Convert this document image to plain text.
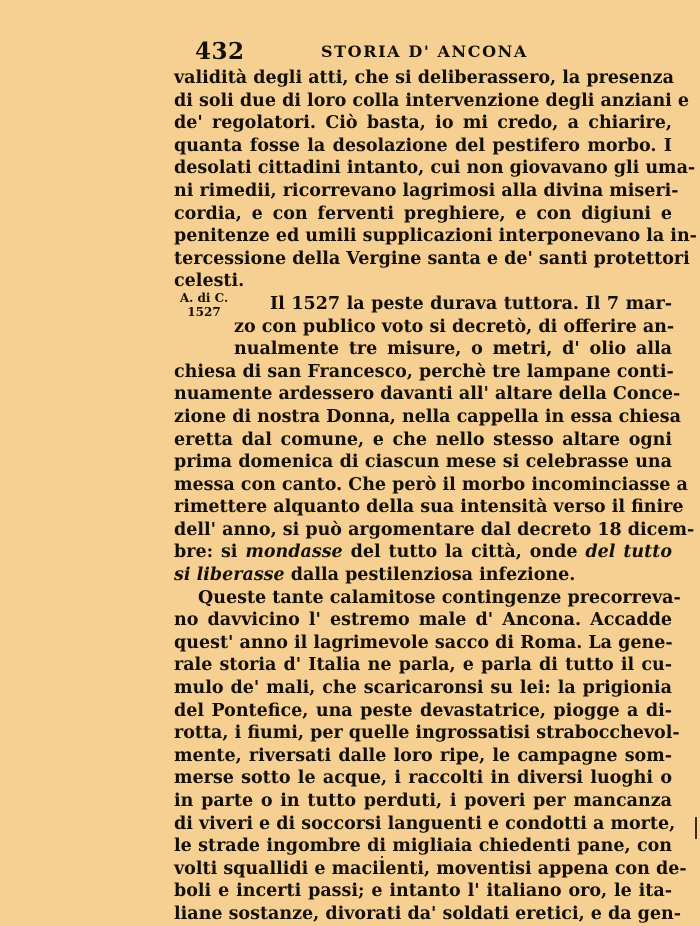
432	STORIA D' ANCONA
A. di C.
1527
validità degli atti, che si deliberassero, la presenza
di soli due di loro colla intervenzione degli anziani e
de' regolatori. Ciò basta, io mi credo, a chiarire,
quanta fosse la desolazione del pestifero morbo. I
desolati cittadini intanto, cui non giovavano gli uma-
ni rimedii, ricorrevano lagrimosi alla divina miseri-
cordia, e con ferventi preghiere, e con digiuni e
penitenze ed umili supplicazioni interponevano la in-
tercessione della Vergine santa e de' santi protettori
celesti.
Il 1527 la peste durava tuttora. Il 7 mar-
zo con publico voto si decretò, di offerire an-
nualmente tre misure, o metri, d' olio alla
chiesa di san Francesco, perchè tre lampane conti-
nuamente ardessero davanti all' altare della Conce-
zione di nostra Donna, nella cappella in essa chiesa
eretta dal comune, e che nello stesso altare ogni
prima domenica di ciascun mese si celebrasse una
messa con canto. Che però il morbo incominciasse a
rimettere alquanto della sua intensità verso il finire
dell' anno, si può argomentare dal decreto 18 dicem-
bre: si mondasse del tutto la città, onde del tutto
si liberasse dalla pestilenziosa infezione.
Queste tante calamitose contingenze precorreva-
no davvicino l' estremo male d' Ancona. Accadde
quest' anno il lagrimevole sacco di Roma. La gene-
rale storia d' Italia ne parla, e parla di tutto il cu-
mulo de' mali, che scaricaronsi su lei: la prigionia
del Pontefice, una peste devastatrice, piogge a di-
rotta, i fiumi, per quelle ingrossatisi strabocchevol-
mente, riversati dalle loro ripe, le campagne som-
merse sotto le acque, i raccolti in diversi luoghi o
in parte o in tutto perduti, i poveri per mancanza
di viveri e di soccorsi languenti e condotti a morte,
le strade ingombre di migliaia chiedenti pane, con
volti squallidi e macilenti, moventisi appena con de-
boli e incerti passi; e intanto l' italiano oro, le ita-
liane sostanze, divorati da' soldati eretici, e da gen-
